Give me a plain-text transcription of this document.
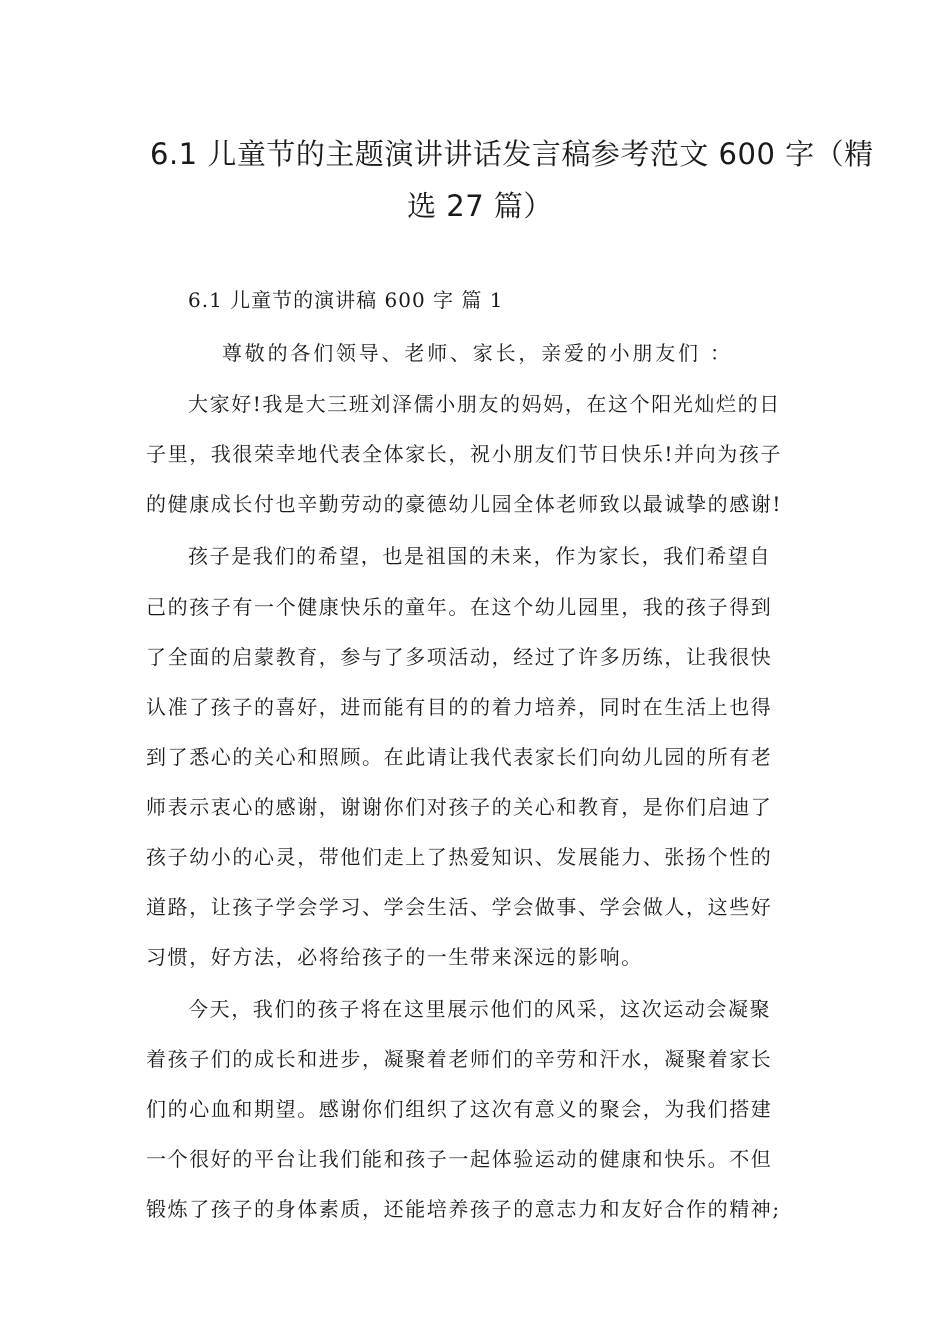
6.1 儿童节的主题演讲讲话发言稿参考范文 600 字（精
选 27 篇）
6.1 儿童节的演讲稿 600 字 篇 1
尊敬的各们领导、老师、家长，亲爱的小朋友们 ：
大家好!我是大三班刘泽儒小朋友的妈妈，在这个阳光灿烂的日
子里，我很荣幸地代表全体家长，祝小朋友们节日快乐!并向为孩子
的健康成长付也辛勤劳动的豪德幼儿园全体老师致以最诚挚的感谢!
孩子是我们的希望，也是祖国的未来，作为家长，我们希望自
己的孩子有一个健康快乐的童年。在这个幼儿园里，我的孩子得到
了全面的启蒙教育，参与了多项活动，经过了许多历练，让我很快
认准了孩子的喜好，进而能有目的的着力培养，同时在生活上也得
到了悉心的关心和照顾。在此请让我代表家长们向幼儿园的所有老
师表示衷心的感谢，谢谢你们对孩子的关心和教育，是你们启迪了
孩子幼小的心灵，带他们走上了热爱知识、发展能力、张扬个性的
道路，让孩子学会学习、学会生活、学会做事、学会做人，这些好
习惯，好方法，必将给孩子的一生带来深远的影响。
今天，我们的孩子将在这里展示他们的风采，这次运动会凝聚
着孩子们的成长和进步，凝聚着老师们的辛劳和汗水，凝聚着家长
们的心血和期望。感谢你们组织了这次有意义的聚会，为我们搭建
一个很好的平台让我们能和孩子一起体验运动的健康和快乐。不但
锻炼了孩子的身体素质，还能培养孩子的意志力和友好合作的精神;
